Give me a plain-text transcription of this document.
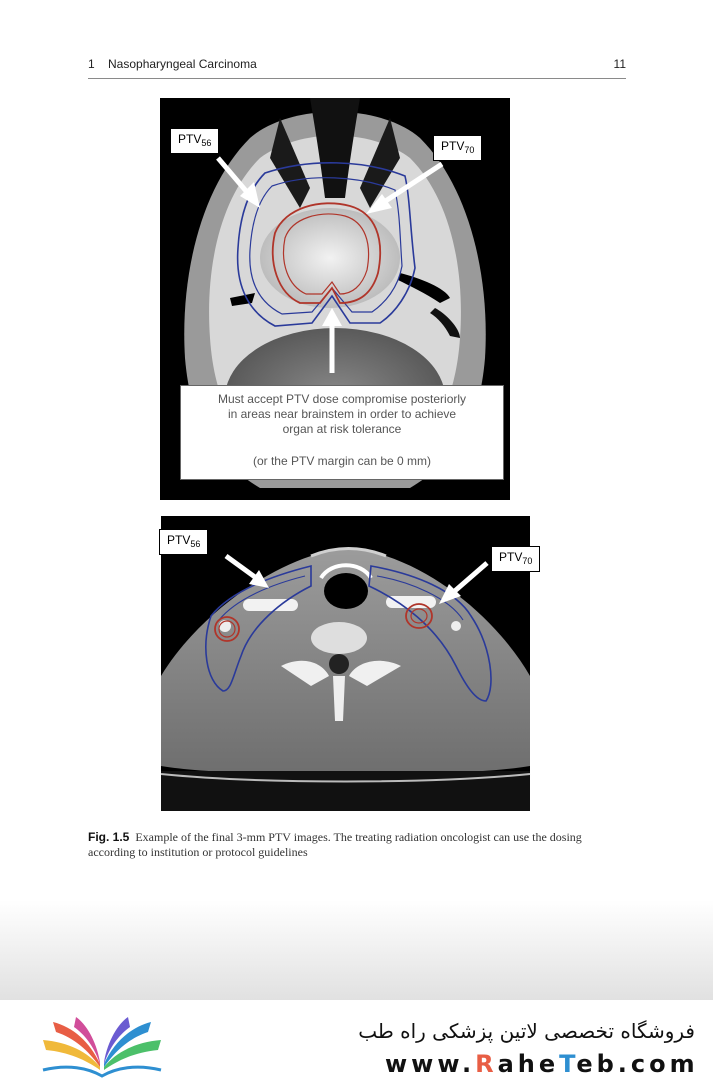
1 Nasopharyngeal Carcinoma	11
$PTV_{56}$	$PTV_{70}$
Must accept PTV dose compromise posteriorly
in areas near brainstem in order to achieve
organ at risk tolerance
(or the PTV margin can be 0 mm)
$PTV_{56}$
$PTV_{70}$
Fig. 1.5 Example of the final 3-mm PTV images. The treating radiation oncologist can use the dosing according to institution or protocol guidelines
فروشگاه تخصصی لاتین پزشکی راه طب
www.RaheTeb.com
